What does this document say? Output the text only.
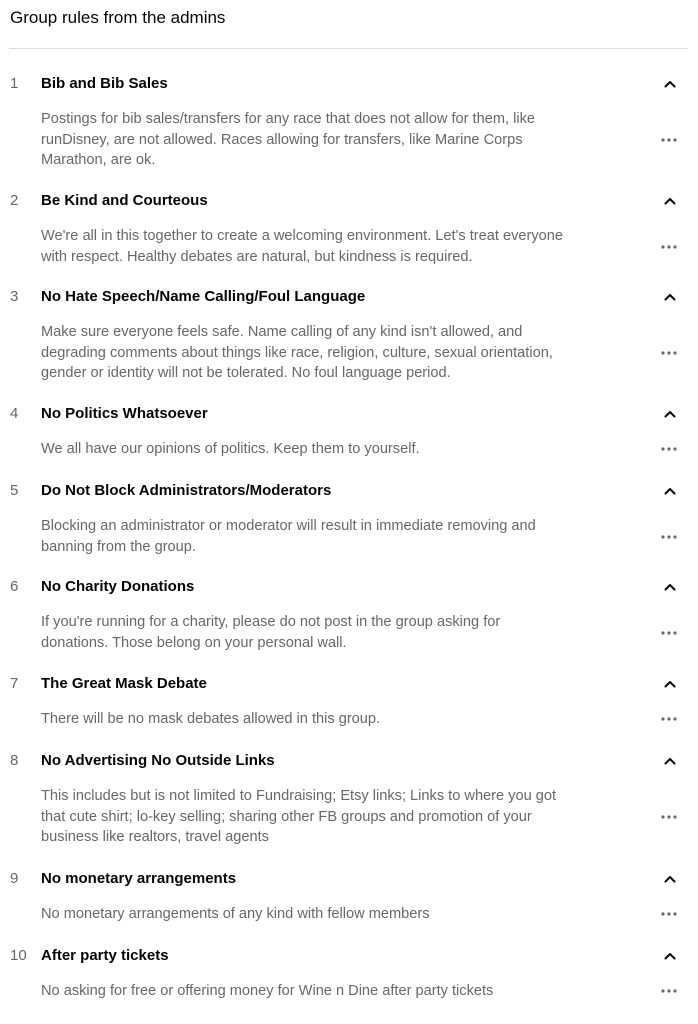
Group rules from the admins
1	Bib and Bib Sales
Postings for bib sales/transfers for any race that does not allow for them, like
runDisney, are not allowed. Races allowing for transfers, like Marine Corps
Marathon, are ok.
2	Be Kind and Courteous
We're all in this together to create a welcoming environment. Let's treat everyone
with respect. Healthy debates are natural, but kindness is required.
3	No Hate Speech/Name Calling/Foul Language
Make sure everyone feels safe. Name calling of any kind isn't allowed, and
degrading comments about things like race, religion, culture, sexual orientation,
gender or identity will not be tolerated. No foul language period.
4	No Politics Whatsoever
We all have our opinions of politics. Keep them to yourself.
5	Do Not Block Administrators/Moderators
Blocking an administrator or moderator will result in immediate removing and
banning from the group.
6	No Charity Donations
If you're running for a charity, please do not post in the group asking for
donations. Those belong on your personal wall.
7	The Great Mask Debate
There will be no mask debates allowed in this group.
8	No Advertising No Outside Links
This includes but is not limited to Fundraising; Etsy links; Links to where you got
that cute shirt; lo-key selling; sharing other FB groups and promotion of your
business like realtors, travel agents
9	No monetary arrangements
No monetary arrangements of any kind with fellow members
10 After party tickets
No asking for free or offering money for Wine n Dine after party tickets
